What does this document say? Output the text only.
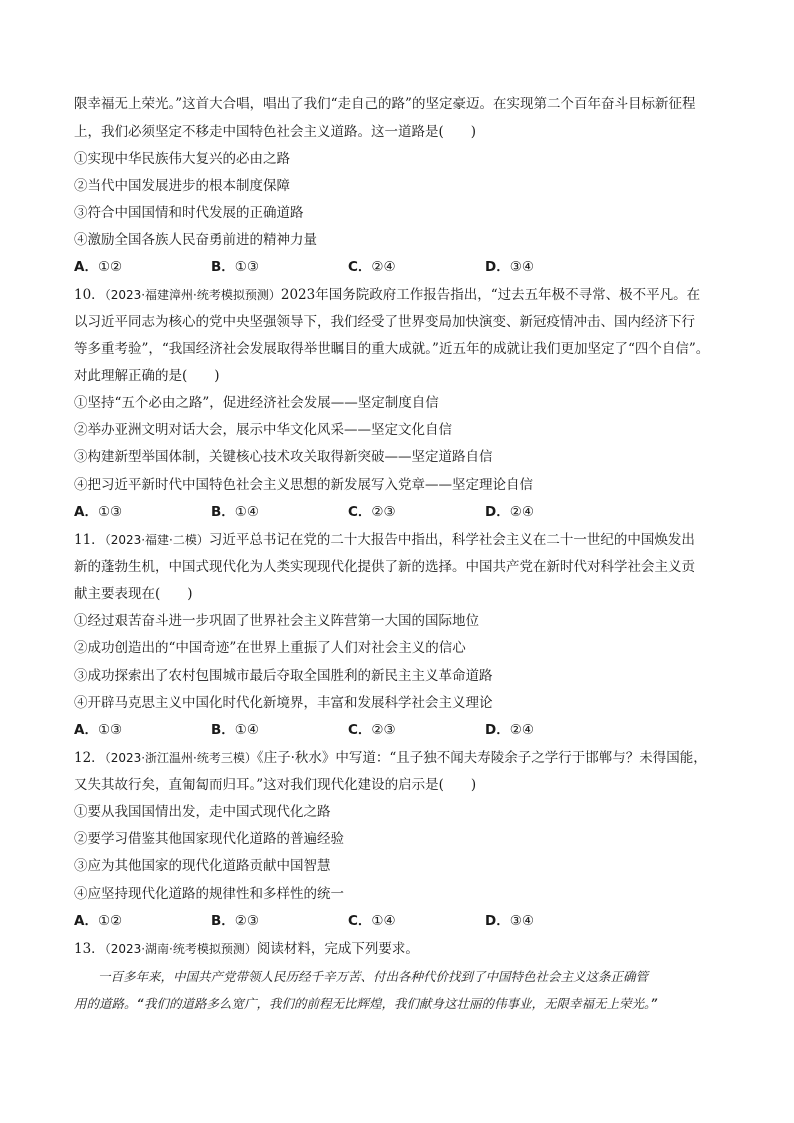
限幸福无上荣光。”这首大合唱，唱出了我们“走自己的路”的坚定豪迈。在实现第二个百年奋斗目标新征程
上，我们必须坚定不移走中国特色社会主义道路。这一道路是(　　)
①实现中华民族伟大复兴的必由之路
②当代中国发展进步的根本制度保障
③符合中国国情和时代发展的正确道路
④激励全国各族人民奋勇前进的精神力量
A．①②	B．①③	C．②④	D．③④
10．（2023·福建漳州·统考模拟预测）2023年国务院政府工作报告指出，“过去五年极不寻常、极不平凡。在
以习近平同志为核心的党中央坚强领导下，我们经受了世界变局加快演变、新冠疫情冲击、国内经济下行
等多重考验”，“我国经济社会发展取得举世瞩目的重大成就。”近五年的成就让我们更加坚定了“四个自信”。
对此理解正确的是(　　)
①坚持“五个必由之路”，促进经济社会发展——坚定制度自信
②举办亚洲文明对话大会，展示中华文化风采——坚定文化自信
③构建新型举国体制，关键核心技术攻关取得新突破——坚定道路自信
④把习近平新时代中国特色社会主义思想的新发展写入党章——坚定理论自信
A．①③	B．①④	C．②③	D．②④
11．（2023·福建·二模）习近平总书记在党的二十大报告中指出，科学社会主义在二十一世纪的中国焕发出
新的蓬勃生机，中国式现代化为人类实现现代化提供了新的选择。中国共产党在新时代对科学社会主义贡
献主要表现在(　　)
①经过艰苦奋斗进一步巩固了世界社会主义阵营第一大国的国际地位
②成功创造出的“中国奇迹”在世界上重振了人们对社会主义的信心
③成功探索出了农村包围城市最后夺取全国胜利的新民主主义革命道路
④开辟马克思主义中国化时代化新境界，丰富和发展科学社会主义理论
A．①③	B．①④	C．②③	D．②④
12．（2023·浙江温州·统考三模）《庄子·秋水》中写道：“且子独不闻夫寿陵余子之学行于邯郸与？未得国能，
又失其故行矣，直匍匐而归耳。”这对我们现代化建设的启示是(　　)
①要从我国国情出发，走中国式现代化之路
②要学习借鉴其他国家现代化道路的普遍经验
③应为其他国家的现代化道路贡献中国智慧
④应坚持现代化道路的规律性和多样性的统一
A．①②	B．②③	C．①④	D．③④
13．（2023·湖南·统考模拟预测）阅读材料，完成下列要求。
一百多年来，中国共产党带领人民历经千辛万苦、付出各种代价找到了中国特色社会主义这条正确管
用的道路。“我们的道路多么宽广，我们的前程无比辉煌，我们献身这壮丽的伟事业，无限幸福无上荣光。”
